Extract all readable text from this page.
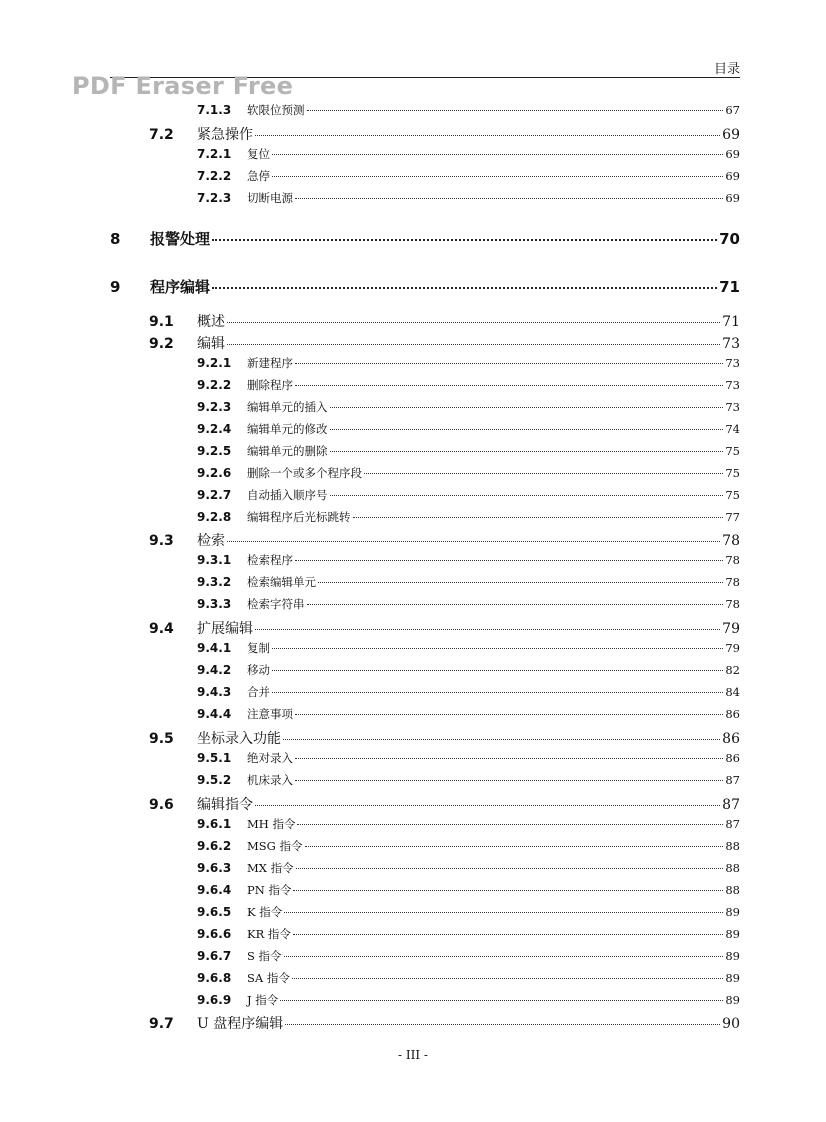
目录
PDF Eraser Free
7.1.3	软限位预测	67
7.2	紧急操作	69
7.2.1	复位	69
7.2.2	急停	69
7.2.3	切断电源	69
8	报警处理	70
9	程序编辑	71
9.1	概述	71
9.2	编辑	73
9.2.1	新建程序	73
9.2.2	删除程序	73
9.2.3	编辑单元的插入	73
9.2.4	编辑单元的修改	74
9.2.5	编辑单元的删除	75
9.2.6	删除一个或多个程序段	75
9.2.7	自动插入顺序号	75
9.2.8	编辑程序后光标跳转	77
9.3	检索	78
9.3.1	检索程序	78
9.3.2	检索编辑单元	78
9.3.3	检索字符串	78
9.4	扩展编辑	79
9.4.1	复制	79
9.4.2	移动	82
9.4.3	合并	84
9.4.4	注意事项	86
9.5	坐标录入功能	86
9.5.1	绝对录入	86
9.5.2	机床录入	87
9.6	编辑指令	87
9.6.1	MH 指令	87
9.6.2	MSG 指令	88
9.6.3	MX 指令	88
9.6.4	PN 指令	88
9.6.5	K 指令	89
9.6.6	KR 指令	89
9.6.7	S 指令	89
9.6.8	SA 指令	89
9.6.9	J 指令	89
9.7	U 盘程序编辑	90
- III -
